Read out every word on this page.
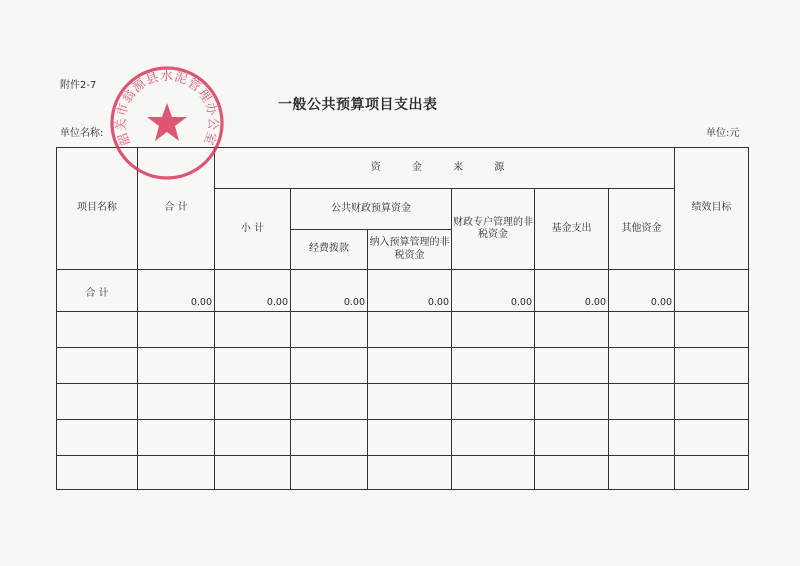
附件2-7
一般公共预算项目支出表
单位名称:	单位:元
项目名称	合 计	资 金 来 源						绩效目标
		小 计	公共财政预算资金		财政专户管理的非税资金	基金支出	其他资金	
			经费拨款	纳入预算管理的非税资金				
合 计	0.00	0.00	0.00	0.00	0.00	0.00	0.00	

韶关市翁源县水泥管理办公室
